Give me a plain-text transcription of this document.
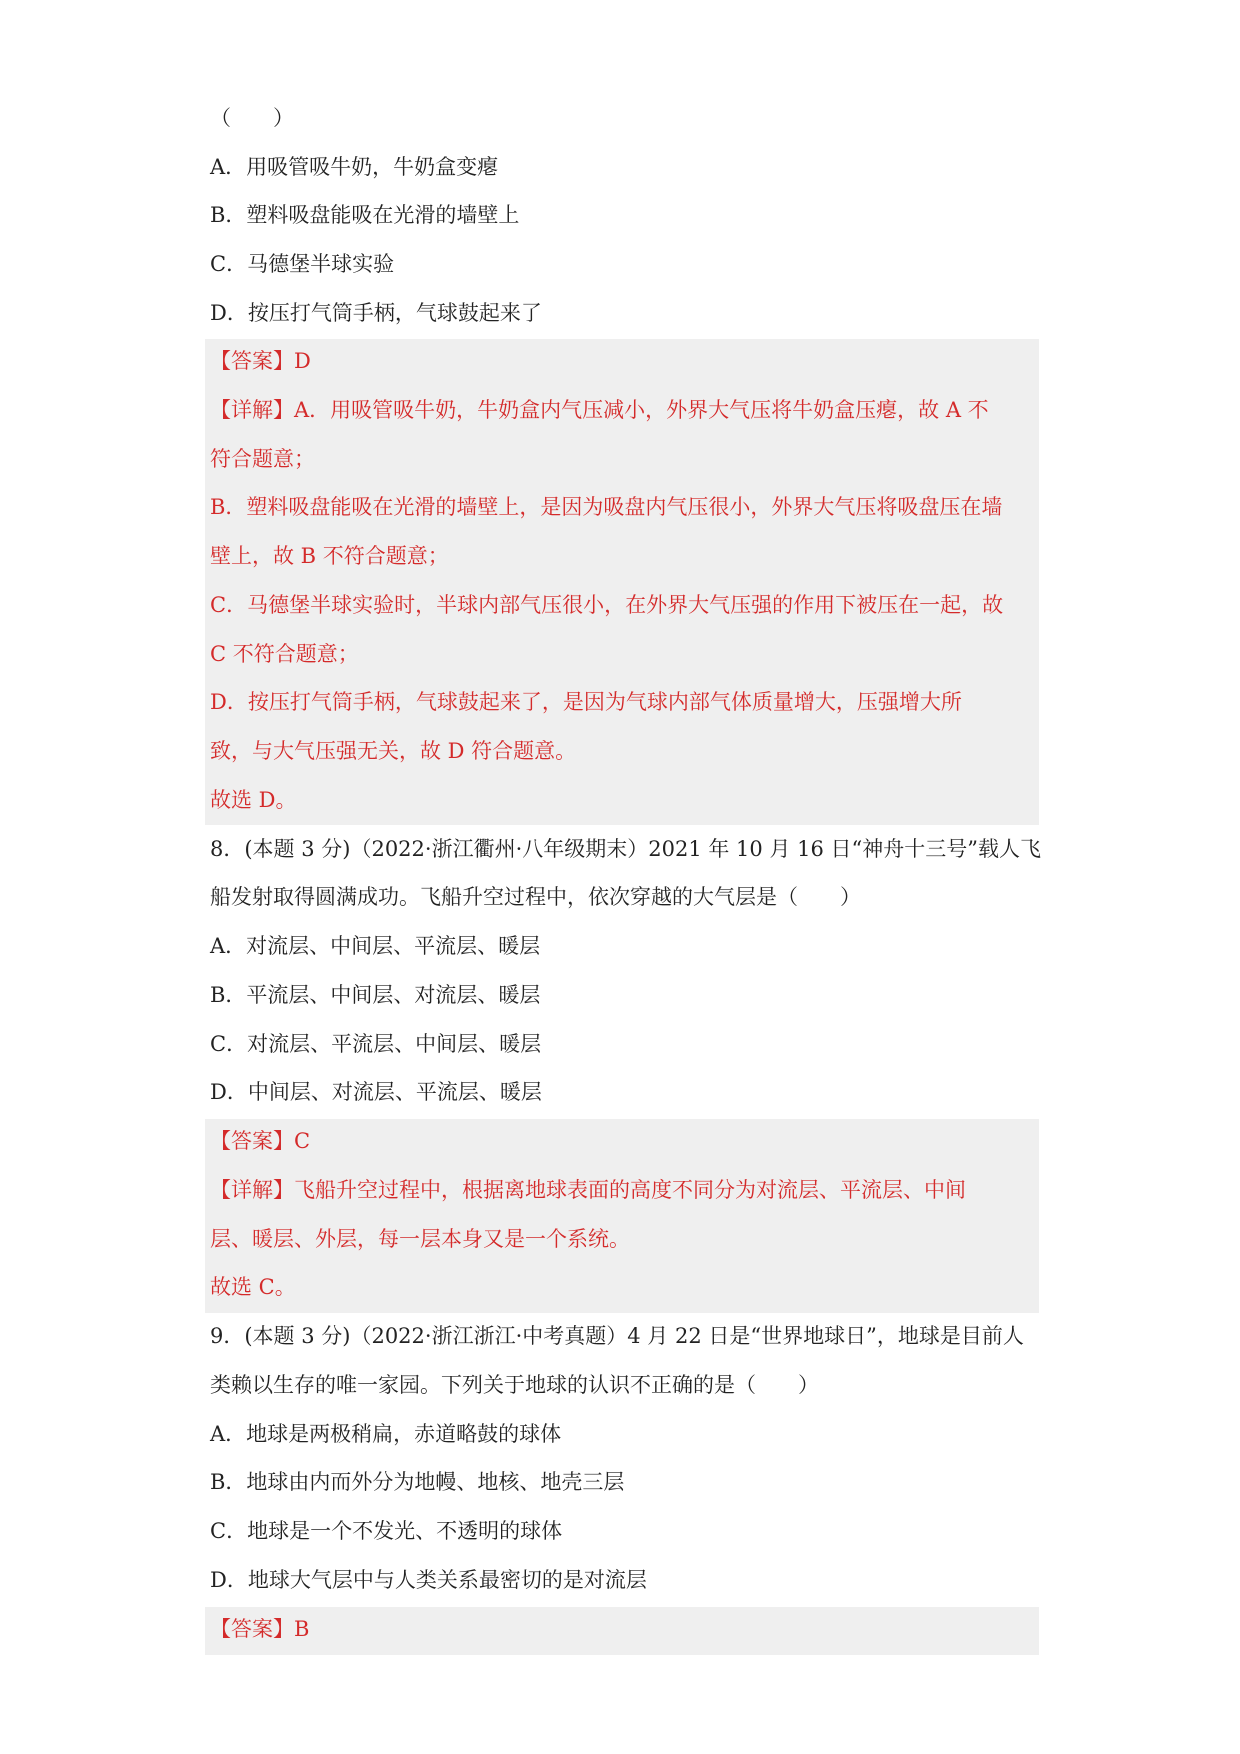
（　　）
A．用吸管吸牛奶，牛奶盒变瘪
B．塑料吸盘能吸在光滑的墙壁上
C．马德堡半球实验
D．按压打气筒手柄，气球鼓起来了
【答案】D
【详解】A．用吸管吸牛奶，牛奶盒内气压减小，外界大气压将牛奶盒压瘪，故 A 不
符合题意；
B．塑料吸盘能吸在光滑的墙壁上，是因为吸盘内气压很小，外界大气压将吸盘压在墙
壁上，故 B 不符合题意；
C．马德堡半球实验时，半球内部气压很小，在外界大气压强的作用下被压在一起，故
C 不符合题意；
D．按压打气筒手柄，气球鼓起来了，是因为气球内部气体质量增大，压强增大所
致，与大气压强无关，故 D 符合题意。
故选 D。
8．(本题 3 分)（2022·浙江衢州·八年级期末）2021 年 10 月 16 日“神舟十三号”载人飞
船发射取得圆满成功。飞船升空过程中，依次穿越的大气层是（　　）
A．对流层、中间层、平流层、暖层
B．平流层、中间层、对流层、暖层
C．对流层、平流层、中间层、暖层
D．中间层、对流层、平流层、暖层
【答案】C
【详解】飞船升空过程中，根据离地球表面的高度不同分为对流层、平流层、中间
层、暖层、外层，每一层本身又是一个系统。
故选 C。
9．(本题 3 分)（2022·浙江浙江·中考真题）4 月 22 日是“世界地球日”，地球是目前人
类赖以生存的唯一家园。下列关于地球的认识不正确的是（　　）
A．地球是两极稍扁，赤道略鼓的球体
B．地球由内而外分为地幔、地核、地壳三层
C．地球是一个不发光、不透明的球体
D．地球大气层中与人类关系最密切的是对流层
【答案】B
